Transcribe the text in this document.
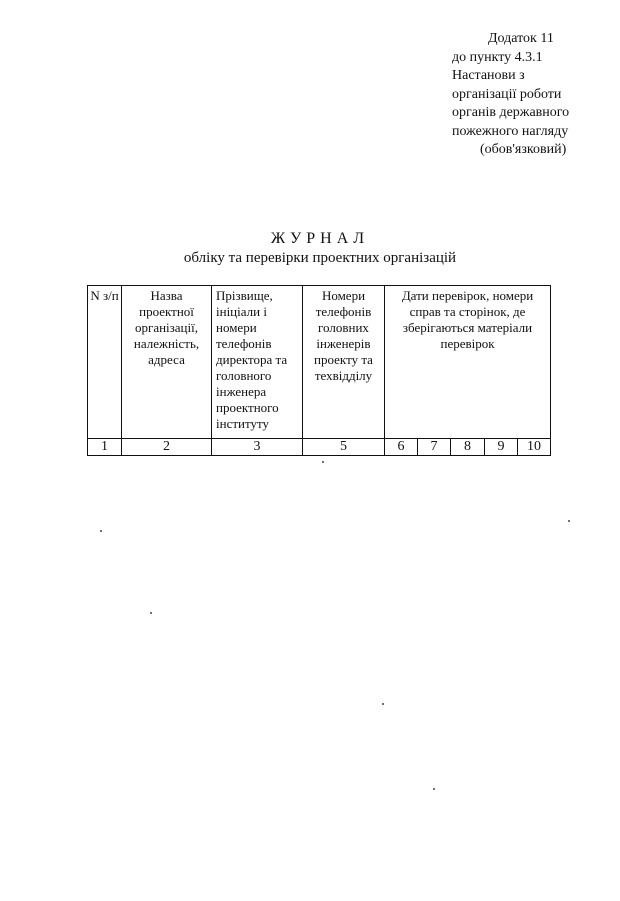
Додаток 11
до пункту 4.3.1
Настанови з
організації роботи
органів державного
пожежного нагляду
(обов'язковий)
ЖУРНАЛ
обліку та перевірки проектних організацій
N з/п	Назва проектної організації, належність, адреса	Прізвище, ініціали і номери телефонів директора та головного інженера проектного інституту	Номери телефонів головних інженерів проекту та техвідділу	Дати перевірок, номери справ та сторінок, де зберігаються матеріали перевірок				
1	2	3	5	6	7	8	9	10
